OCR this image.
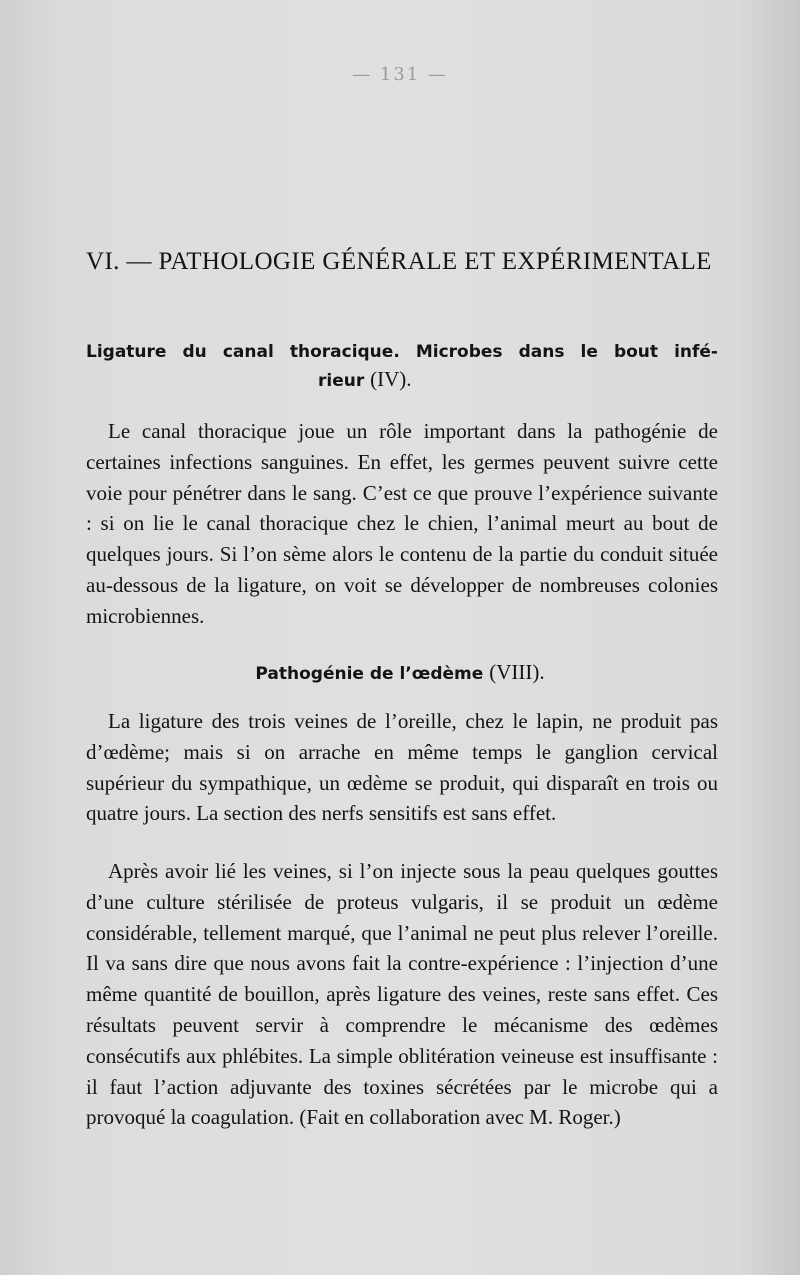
— 131 —
VI. — PATHOLOGIE GÉNÉRALE ET EXPÉRIMENTALE
Ligature du canal thoracique. Microbes dans le bout infé-
rieur (IV).

Le canal thoracique joue un rôle important dans la pathogénie de certaines infections sanguines. En effet, les germes peuvent suivre cette voie pour pénétrer dans le sang. C’est ce que prouve l’expérience suivante : si on lie le canal thoracique chez le chien, l’animal meurt au bout de quelques jours. Si l’on sème alors le contenu de la partie du conduit située au-dessous de la ligature, on voit se développer de nombreuses colonies microbiennes.

Pathogénie de l’œdème (VIII).

La ligature des trois veines de l’oreille, chez le lapin, ne produit pas d’œdème; mais si on arrache en même temps le ganglion cervical supérieur du sympathique, un œdème se produit, qui disparaît en trois ou quatre jours. La section des nerfs sensitifs est sans effet.

Après avoir lié les veines, si l’on injecte sous la peau quelques gouttes d’une culture stérilisée de proteus vulgaris, il se produit un œdème considérable, tellement marqué, que l’animal ne peut plus relever l’oreille. Il va sans dire que nous avons fait la contre-expérience : l’injection d’une même quantité de bouillon, après ligature des veines, reste sans effet. Ces résultats peuvent servir à comprendre le mécanisme des œdèmes consécutifs aux phlébites. La simple oblitération veineuse est insuffisante : il faut l’action adjuvante des toxines sécrétées par le microbe qui a provoqué la coagulation. (Fait en collaboration avec M. Roger.)
